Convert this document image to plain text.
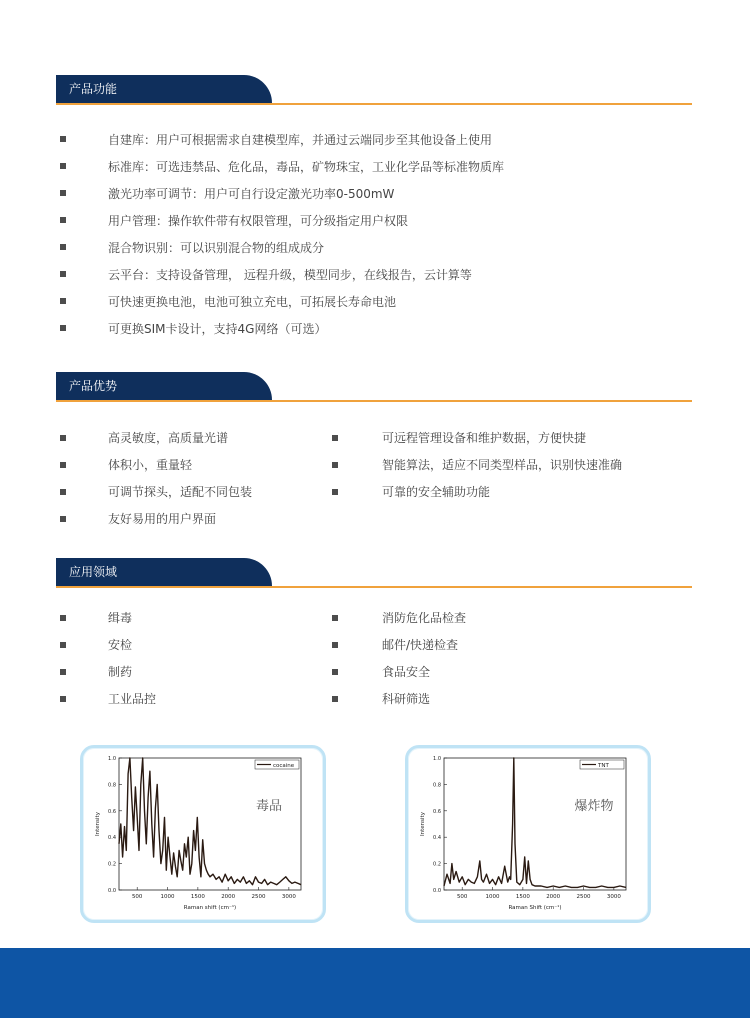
产品功能
自建库：用户可根据需求自建模型库，并通过云端同步至其他设备上使用
标准库：可选违禁品、危化品，毒品，矿物珠宝，工业化学品等标准物质库
激光功率可调节：用户可自行设定激光功率0-500mW
用户管理：操作软件带有权限管理，可分级指定用户权限
混合物识别：可以识别混合物的组成成分
云平台：支持设备管理， 远程升级，模型同步，在线报告，云计算等
可快速更换电池，电池可独立充电，可拓展长寿命电池
可更换SIM卡设计，支持4G网络（可选）
产品优势
高灵敏度，高质量光谱
体积小，重量轻
可调节探头，适配不同包装
友好易用的用户界面
可远程管理设备和维护数据，方便快捷
智能算法，适应不同类型样品，识别快速准确
可靠的安全辅助功能
应用领域
缉毒
安检
制药
工业品控
消防危化品检查
邮件/快递检查
食品安全
科研筛选
500	1000	1500	2000	2500	3000
0.0
0.2
0.4
0.6
0.8
1.0
cocaine
毒品
Raman shift (cm⁻¹)
Intensity
500	1000	1500	2000	2500	3000
0.0
0.2
0.4
0.6
0.8
1.0
TNT
爆炸物
Raman Shift (cm⁻¹)
Intensity
